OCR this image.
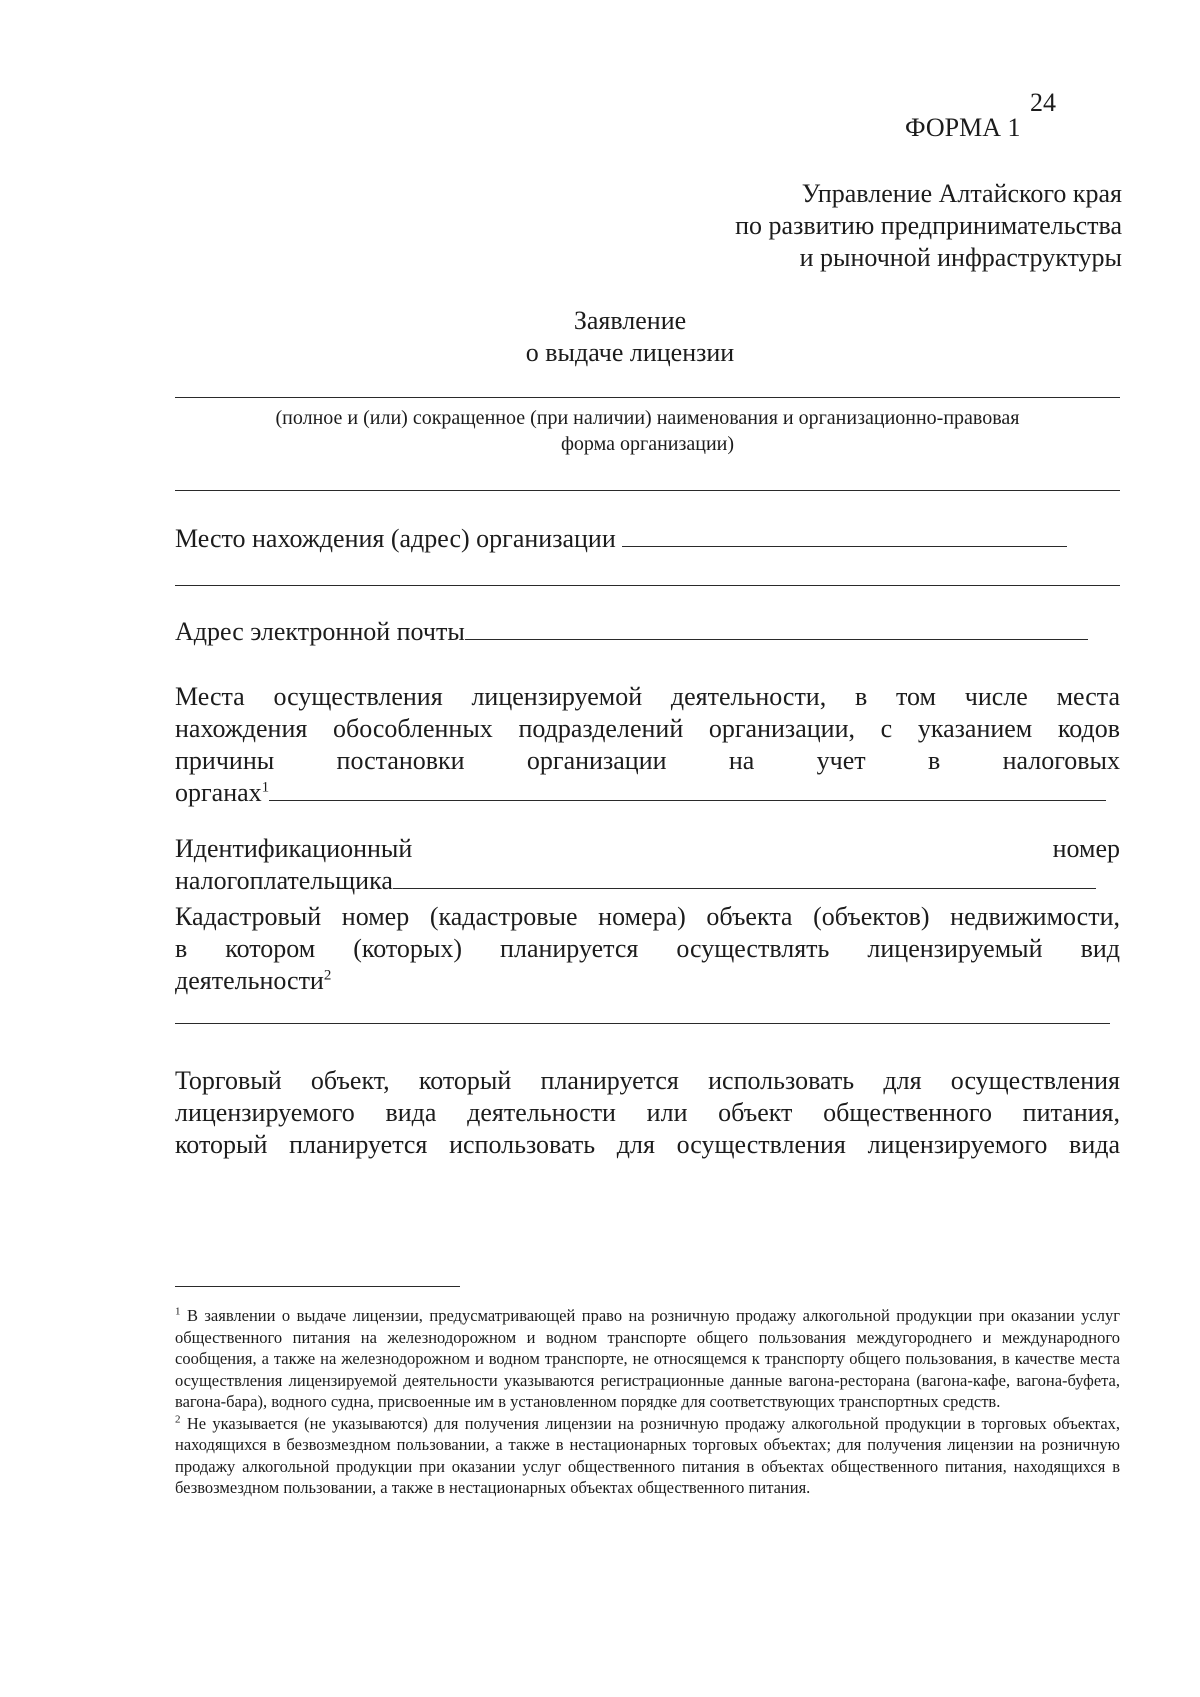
24
ФОРМА 1
Управление Алтайского края
по развитию предпринимательства
и рыночной инфраструктуры
Заявление
о выдаче лицензии
(полное и (или) сокращенное (при наличии) наименования и организационно-правовая
форма организации)
Место нахождения (адрес) организации
Адрес электронной почты
Места осуществления лицензируемой деятельности, в том числе места
нахождения обособленных подразделений организации, с указанием кодов
причины постановки организации на учет в налоговых
органах$^1$
Идентификационный номер
налогоплательщика
Кадастровый номер (кадастровые номера) объекта (объектов) недвижимости,
в котором (которых) планируется осуществлять лицензируемый вид
деятельности$^2$
Торговый объект, который планируется использовать для осуществления
лицензируемого вида деятельности или объект общественного питания,
который планируется использовать для осуществления лицензируемого вида

$^1$ В заявлении о выдаче лицензии, предусматривающей право на розничную продажу алкогольной продукции при оказании услуг общественного питания на железнодорожном и водном транспорте общего пользования междугороднего и международного сообщения, а также на железнодорожном и водном транспорте, не относящемся к транспорту общего пользования, в качестве места осуществления лицензируемой деятельности указываются регистрационные данные вагона-ресторана (вагона-кафе, вагона-буфета, вагона-бара), водного судна, присвоенные им в установленном порядке для соответствующих транспортных средств.

$^2$ Не указывается (не указываются) для получения лицензии на розничную продажу алкогольной продукции в торговых объектах, находящихся в безвозмездном пользовании, а также в нестационарных торговых объектах; для получения лицензии на розничную продажу алкогольной продукции при оказании услуг общественного питания в объектах общественного питания, находящихся в безвозмездном пользовании, а также в нестационарных объектах общественного питания.
